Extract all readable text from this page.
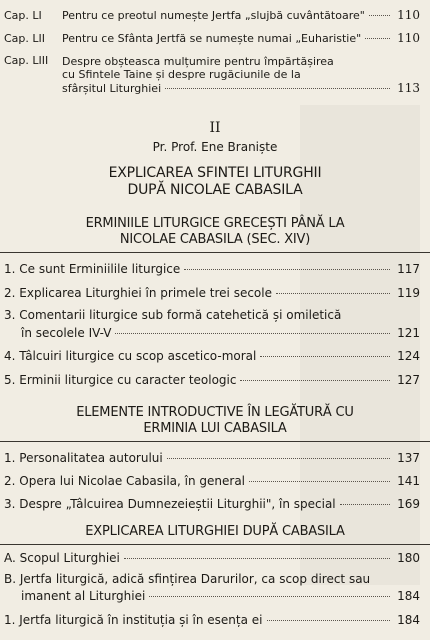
Cap. LI	Pentru ce preotul numește Jertfa „slujbă cuvântătoare"	110
Cap. LII	Pentru ce Sfânta Jertfă se numește numai „Euharistie"	110
Cap. LIII	Despre obșteasca mulțumire pentru împărtășirea
cu Sfintele Taine și despre rugăciunile de la
sfârșitul Liturghiei	113
II
Pr. Prof. Ene Braniște
EXPLICAREA SFINTEI LITURGHII
DUPĂ NICOLAE CABASILA
ERMINIILE LITURGICE GRECEȘTI PÂNĂ LA
NICOLAE CABASILA (SEC. XIV)
1. Ce sunt Erminiilile liturgice	117
2. Explicarea Liturghiei în primele trei secole	119
3. Comentarii liturgice sub formă catehetică și omiletică
în secolele IV-V	121
4. Tâlcuiri liturgice cu scop ascetico-moral	124
5. Erminii liturgice cu caracter teologic	127
ELEMENTE INTRODUCTIVE ÎN LEGĂTURĂ CU
ERMINIA LUI CABASILA
1. Personalitatea autorului	137
2. Opera lui Nicolae Cabasila, în general	141
3. Despre „Tâlcuirea Dumnezeieștii Liturghii", în special	169
EXPLICAREA LITURGHIEI DUPĂ CABASILA
A. Scopul Liturghiei	180
B. Jertfa liturgică, adică sfințirea Darurilor, ca scop direct sau
imanent al Liturghiei	184
1. Jertfa liturgică în instituția și în esența ei	184
